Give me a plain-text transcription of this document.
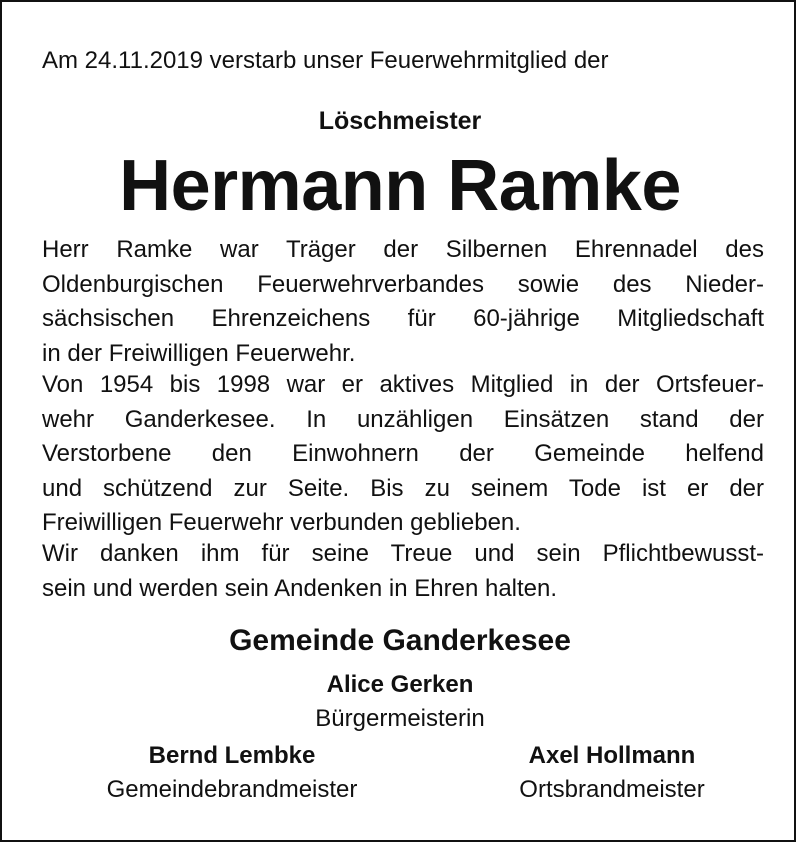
Am 24.11.2019 verstarb unser Feuerwehrmitglied der
Löschmeister
Hermann Ramke
Herr Ramke war Träger der Silbernen Ehrennadel des
Oldenburgischen Feuerwehrverbandes sowie des Nieder-
sächsischen Ehrenzeichens für 60-jährige Mitgliedschaft
in der Freiwilligen Feuerwehr.
Von 1954 bis 1998 war er aktives Mitglied in der Ortsfeuer-
wehr Ganderkesee. In unzähligen Einsätzen stand der
Verstorbene den Einwohnern der Gemeinde helfend
und schützend zur Seite. Bis zu seinem Tode ist er der
Freiwilligen Feuerwehr verbunden geblieben.
Wir danken ihm für seine Treue und sein Pflichtbewusst-
sein und werden sein Andenken in Ehren halten.
Gemeinde Ganderkesee
Alice Gerken
Bürgermeisterin
Bernd Lembke
Gemeindebrandmeister
Axel Hollmann
Ortsbrandmeister
